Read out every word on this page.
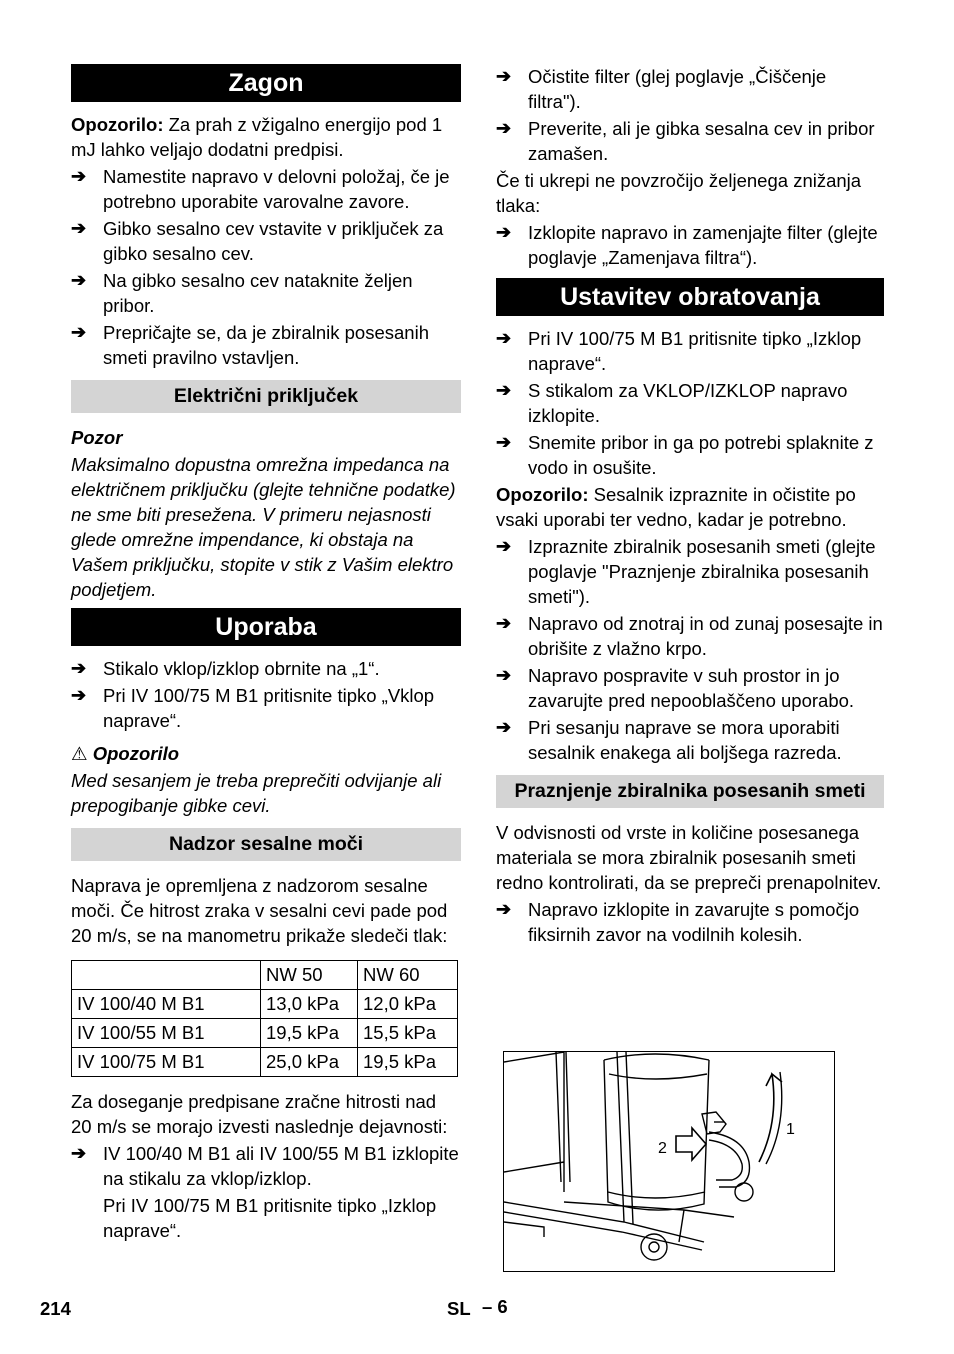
Zagon

Opozorilo: Za prah z vžigalno energijo pod 1 mJ lahko veljajo dodatni predpisi.

➔ Namestite napravo v delovni položaj, če je potrebno uporabite varovalne zavore.
➔ Gibko sesalno cev vstavite v priključek za gibko sesalno cev.
➔ Na gibko sesalno cev nataknite željen pribor.
➔ Prepričajte se, da je zbiralnik posesanih smeti pravilno vstavljen.
Električni priključek
Pozor

Maksimalno dopustna omrežna impedanca na električnem priključku (glejte tehnične podatke) ne sme biti presežena. V primeru nejasnosti glede omrežne impendance, ki obstaja na Vašem priključku, stopite v stik z Vašim elektro podjetjem.

Uporaba
➔ Stikalo vklop/izklop obrnite na „1“.
➔ Pri IV 100/75 M B1 pritisnite tipko „Vklop naprave“.
⚠ Opozorilo

Med sesanjem je treba preprečiti odvijanje ali prepogibanje gibke cevi.

Nadzor sesalne moči

Naprava je opremljena z nadzorom sesalne moči. Če hitrost zraka v sesalni cevi pade pod 20 m/s, se na manometru prikaže sledeči tlak:

	NW 50	NW 60
IV 100/40 M B1	13,0 kPa	12,0 kPa
IV 100/55 M B1	19,5 kPa	15,5 kPa
IV 100/75 M B1	25,0 kPa	19,5 kPa

Za doseganje predpisane zračne hitrosti nad 20 m/s se morajo izvesti naslednje dejavnosti:

➔ IV 100/40 M B1 ali IV 100/55 M B1 izklopite na stikalu za vklop/izklop.
Pri IV 100/75 M B1 pritisnite tipko „Izklop naprave“.
➔ Očistite filter (glej poglavje „Čiščenje filtra").
➔ Preverite, ali je gibka sesalna cev in pribor zamašen.

Če ti ukrepi ne povzročijo željenega znižanja tlaka:

➔ Izklopite napravo in zamenjajte filter (glejte poglavje „Zamenjava filtra“).
Ustavitev obratovanja
➔ Pri IV 100/75 M B1 pritisnite tipko „Izklop naprave“.
➔ S stikalom za VKLOP/IZKLOP napravo izklopite.
➔ Snemite pribor in ga po potrebi splaknite z vodo in osušite.

Opozorilo: Sesalnik izpraznite in očistite po vsaki uporabi ter vedno, kadar je potrebno.

➔ Izpraznite zbiralnik posesanih smeti (glejte poglavje "Praznjenje zbiralnika posesanih smeti").
➔ Napravo od znotraj in od zunaj posesajte in obrišite z vlažno krpo.
➔ Napravo pospravite v suh prostor in jo zavarujte pred nepooblaščeno uporabo.
➔ Pri sesanju naprave se mora uporabiti sesalnik enakega ali boljšega razreda.
Praznjenje zbiralnika posesanih smeti

V odvisnosti od vrste in količine posesanega materiala se mora zbiralnik posesanih smeti redno kontrolirati, da se prepreči prenapolnitev.

➔ Napravo izklopite in zavarujte s pomočjo fiksirnih zavor na vodilnih kolesih.
1
2
214	SL – 6
